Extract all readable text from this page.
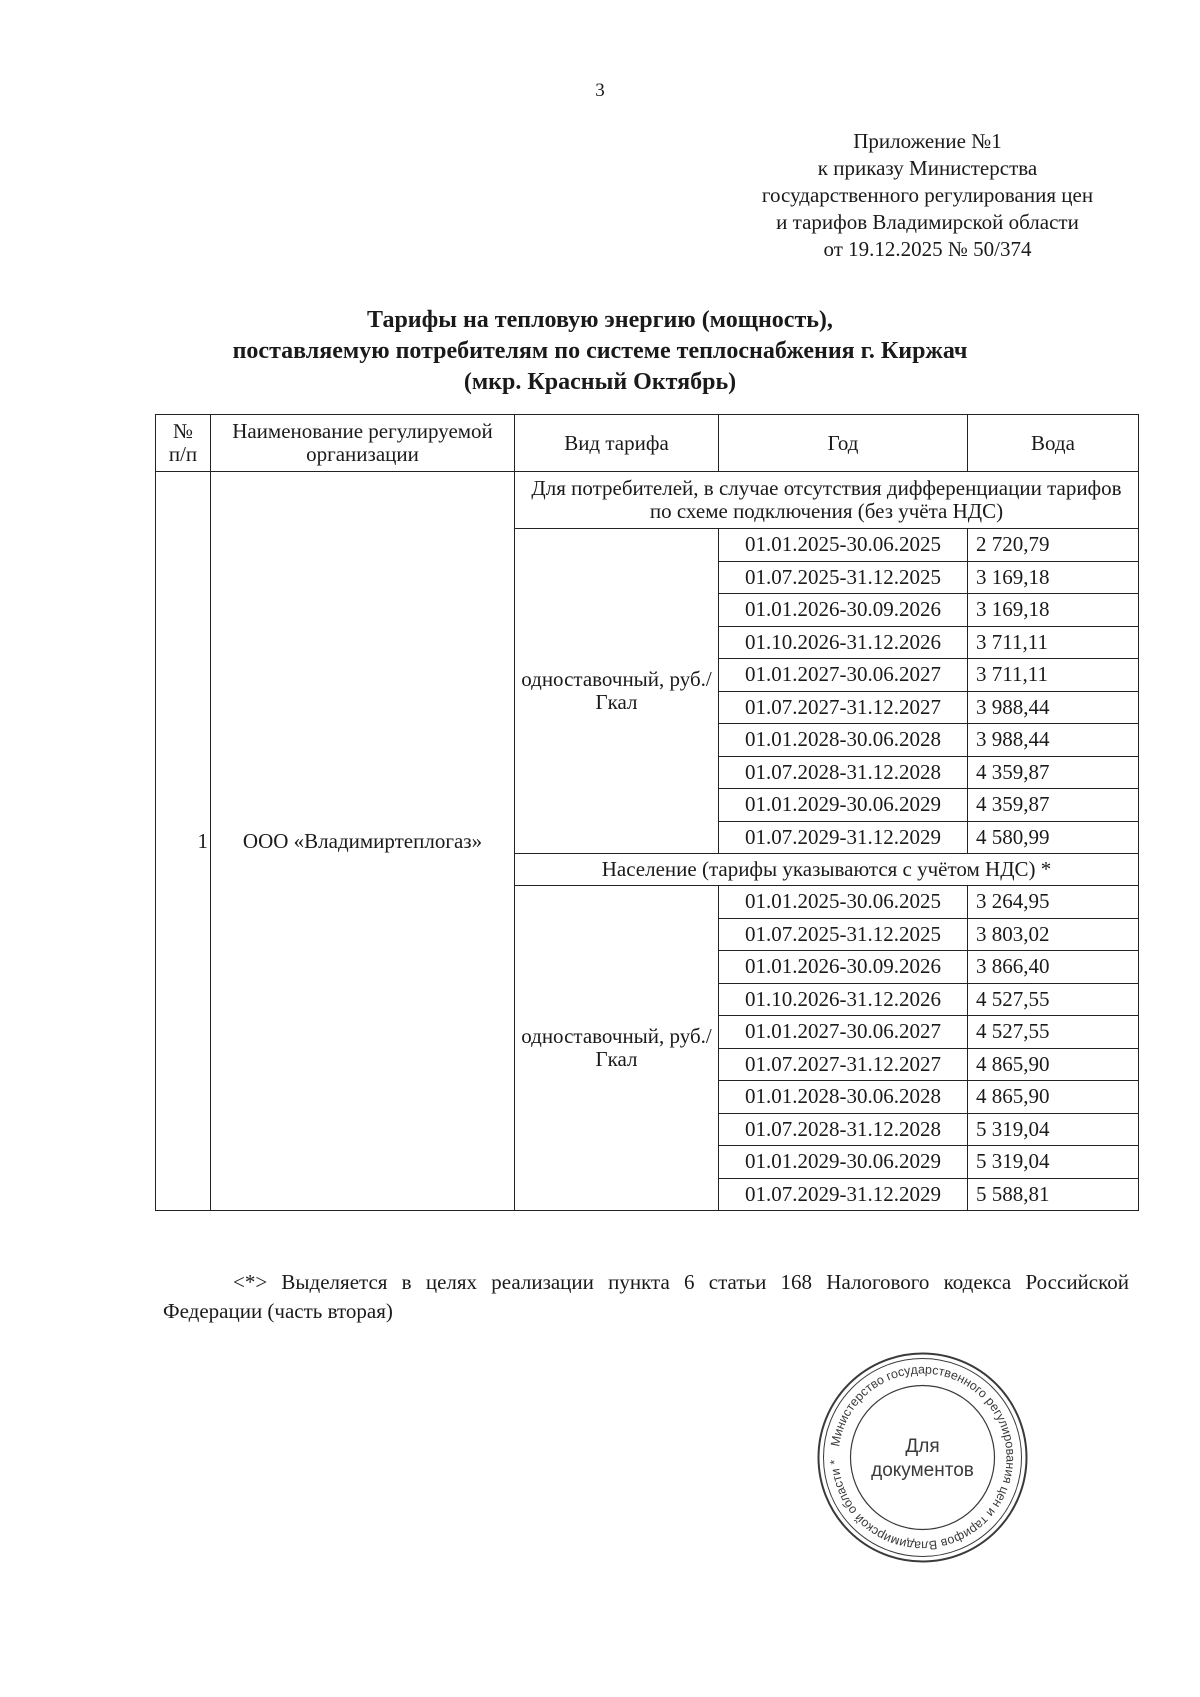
3
Приложение №1
к приказу Министерства
государственного регулирования цен
и тарифов Владимирской области
от 19.12.2025 № 50/374
Тарифы на тепловую энергию (мощность),
поставляемую потребителям по системе теплоснабжения г. Киржач
(мкр. Красный Октябрь)
№ п/п	Наименование регулируемой организации	Вид тарифа	Год	Вода
1	ООО «Владимиртеплогаз»	Для потребителей, в случае отсутствия дифференциации тарифов по схеме подключения (без учёта НДС)		
		одноставочный, руб./Гкал	01.01.2025-30.06.2025	2 720,79
			01.07.2025-31.12.2025	3 169,18
			01.01.2026-30.09.2026	3 169,18
			01.10.2026-31.12.2026	3 711,11
			01.01.2027-30.06.2027	3 711,11
			01.07.2027-31.12.2027	3 988,44
			01.01.2028-30.06.2028	3 988,44
			01.07.2028-31.12.2028	4 359,87
			01.01.2029-30.06.2029	4 359,87
			01.07.2029-31.12.2029	4 580,99
		Население (тарифы указываются с учётом НДС) *		
		одноставочный, руб./Гкал	01.01.2025-30.06.2025	3 264,95
			01.07.2025-31.12.2025	3 803,02
			01.01.2026-30.09.2026	3 866,40
			01.10.2026-31.12.2026	4 527,55
			01.01.2027-30.06.2027	4 527,55
			01.07.2027-31.12.2027	4 865,90
			01.01.2028-30.06.2028	4 865,90
			01.07.2028-31.12.2028	5 319,04
			01.01.2029-30.06.2029	5 319,04
			01.07.2029-31.12.2029	5 588,81
<*> Выделяется в целях реализации пункта 6 статьи 168 Налогового кодекса Российской Федерации (часть вторая)
Министерство государственного регулирования цен и тарифов Владимирской области *
Для
документов
